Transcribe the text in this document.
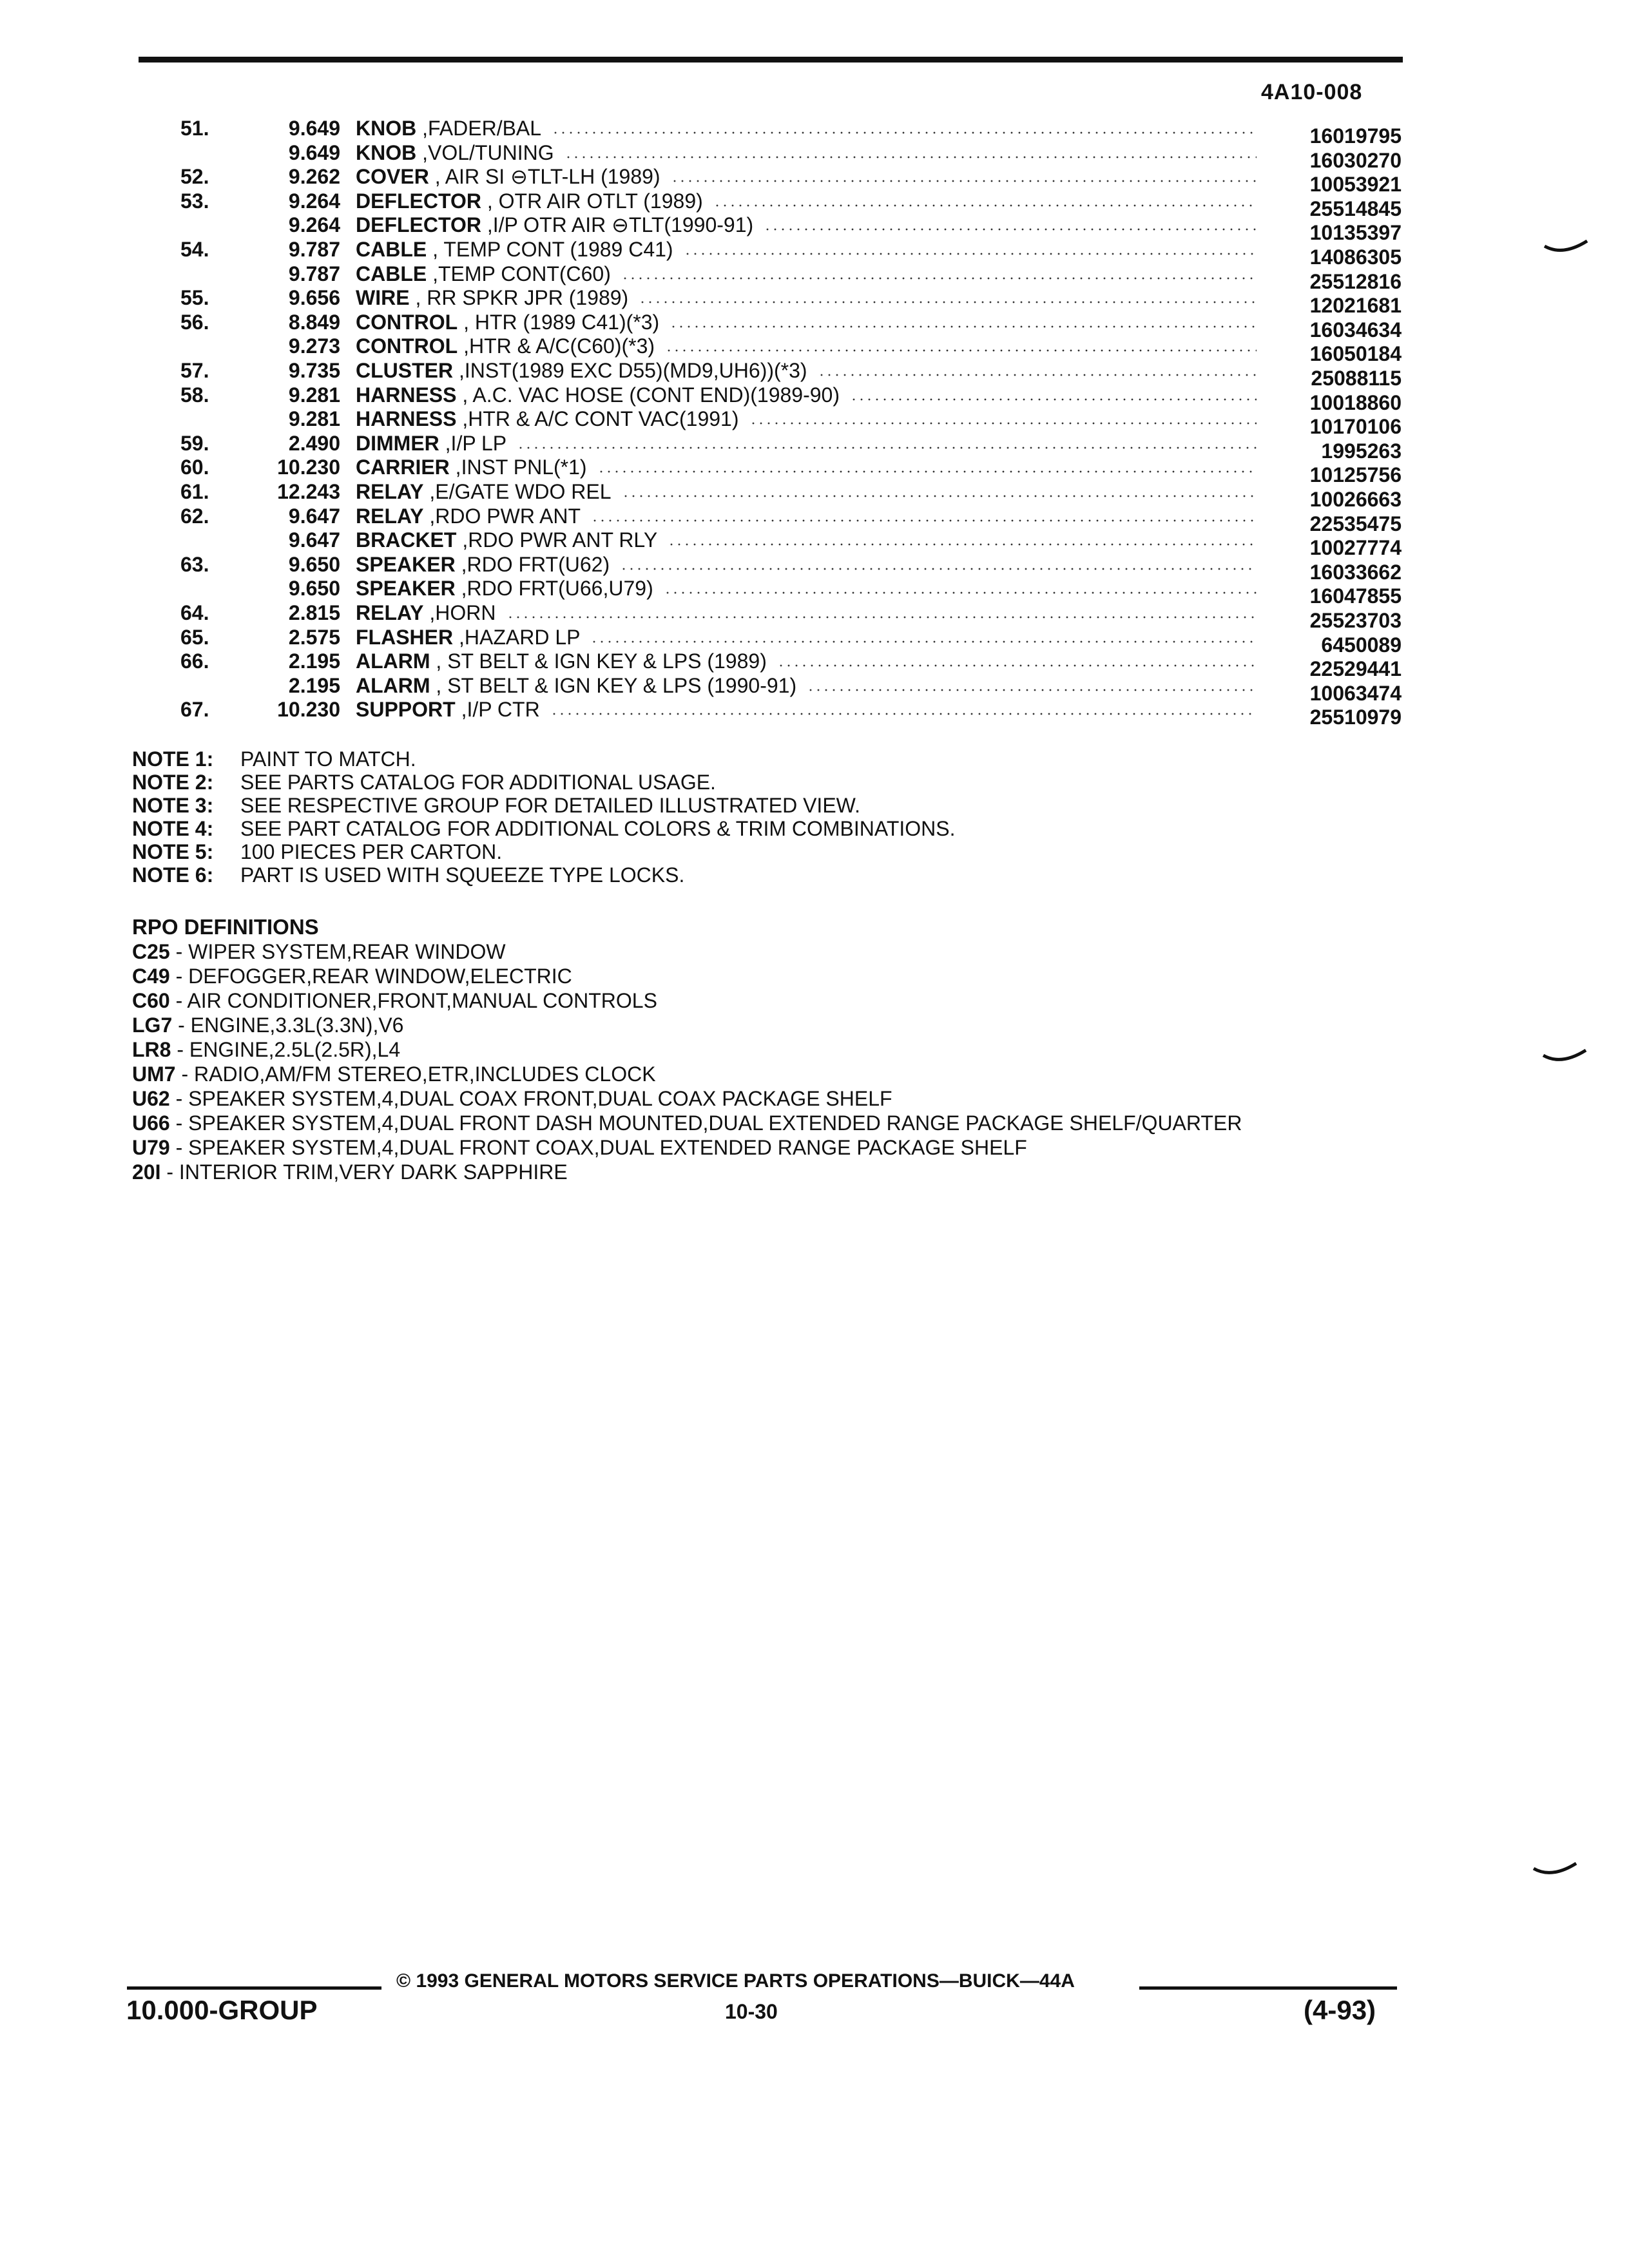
4A10-008
51.	9.649 KNOB ,FADER/BAL	16019795
9.649 KNOB ,VOL/TUNING	16030270
52.	9.262 COVER , AIR SI ⊖TLT-LH (1989)	10053921
53.	9.264 DEFLECTOR , OTR AIR OTLT (1989)	25514845
9.264 DEFLECTOR ,I/P OTR AIR ⊖TLT(1990-91)	10135397
54.	9.787 CABLE , TEMP CONT (1989 C41)	14086305
9.787 CABLE ,TEMP CONT(C60)	25512816
55.	9.656 WIRE , RR SPKR JPR (1989)	12021681
56.	8.849 CONTROL , HTR (1989 C41)(*3)	16034634
9.273 CONTROL ,HTR & A/C(C60)(*3)	16050184
57.	9.735 CLUSTER ,INST(1989 EXC D55)(MD9,UH6))(*3)	25088115
58.	9.281 HARNESS , A.C. VAC HOSE (CONT END)(1989-90)	10018860
9.281 HARNESS ,HTR & A/C CONT VAC(1991)	10170106
59.	2.490 DIMMER ,I/P LP	1995263
60.	10.230 CARRIER ,INST PNL(*1)	10125756
61.	12.243 RELAY ,E/GATE WDO REL	10026663
62.	9.647 RELAY ,RDO PWR ANT	22535475
9.647 BRACKET ,RDO PWR ANT RLY	10027774
63.	9.650 SPEAKER ,RDO FRT(U62)	16033662
9.650 SPEAKER ,RDO FRT(U66,U79)	16047855
64.	2.815 RELAY ,HORN	25523703
65.	2.575 FLASHER ,HAZARD LP	6450089
66.	2.195 ALARM , ST BELT & IGN KEY & LPS (1989)	22529441
2.195 ALARM , ST BELT & IGN KEY & LPS (1990-91)	10063474
67.	10.230 SUPPORT ,I/P CTR	25510979
NOTE 1: PAINT TO MATCH.
NOTE 2: SEE PARTS CATALOG FOR ADDITIONAL USAGE.
NOTE 3: SEE RESPECTIVE GROUP FOR DETAILED ILLUSTRATED VIEW.
NOTE 4: SEE PART CATALOG FOR ADDITIONAL COLORS & TRIM COMBINATIONS.
NOTE 5: 100 PIECES PER CARTON.
NOTE 6: PART IS USED WITH SQUEEZE TYPE LOCKS.
RPO DEFINITIONS
C25 - WIPER SYSTEM,REAR WINDOW
C49 - DEFOGGER,REAR WINDOW,ELECTRIC
C60 - AIR CONDITIONER,FRONT,MANUAL CONTROLS
LG7 - ENGINE,3.3L(3.3N),V6
LR8 - ENGINE,2.5L(2.5R),L4
UM7 - RADIO,AM/FM STEREO,ETR,INCLUDES CLOCK
U62 - SPEAKER SYSTEM,4,DUAL COAX FRONT,DUAL COAX PACKAGE SHELF
U66 - SPEAKER SYSTEM,4,DUAL FRONT DASH MOUNTED,DUAL EXTENDED RANGE PACKAGE SHELF/QUARTER
U79 - SPEAKER SYSTEM,4,DUAL FRONT COAX,DUAL EXTENDED RANGE PACKAGE SHELF
20I - INTERIOR TRIM,VERY DARK SAPPHIRE
© 1993 GENERAL MOTORS SERVICE PARTS OPERATIONS—BUICK—44A
10.000-GROUP	10-30	(4-93)
